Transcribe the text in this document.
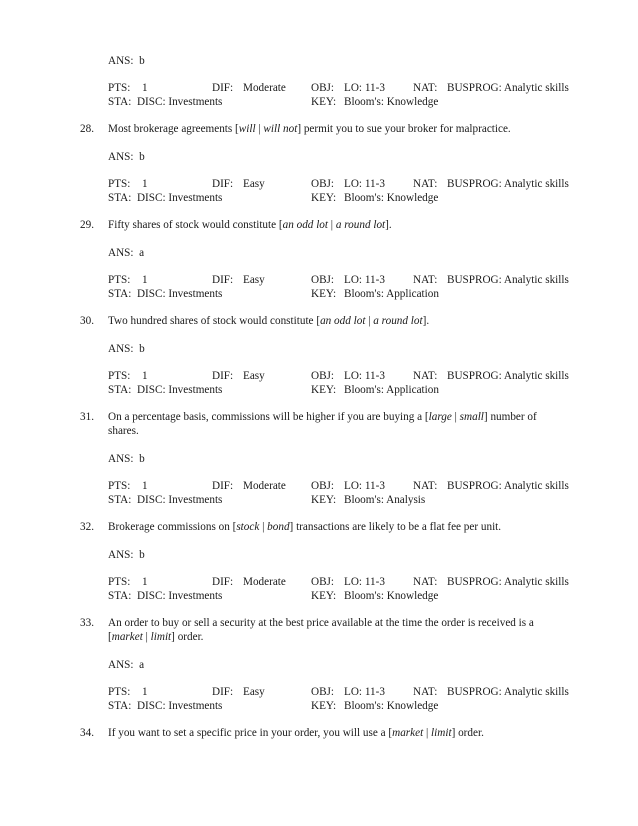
ANS: b
PTS: 1	DIF: Moderate OBJ: LO: 11-3	NAT: BUSPROG: Analytic skills
STA: DISC: Investments	KEY: Bloom's: Knowledge
28. Most brokerage agreements [will | will not] permit you to sue your broker for malpractice.
ANS: b
PTS: 1	DIF: Easy	OBJ: LO: 11-3	NAT: BUSPROG: Analytic skills
STA: DISC: Investments	KEY: Bloom's: Knowledge
29. Fifty shares of stock would constitute [an odd lot | a round lot].
ANS: a
PTS: 1	DIF: Easy	OBJ: LO: 11-3	NAT: BUSPROG: Analytic skills
STA: DISC: Investments	KEY: Bloom's: Application
30. Two hundred shares of stock would constitute [an odd lot | a round lot].
ANS: b
PTS: 1	DIF: Easy	OBJ: LO: 11-3	NAT: BUSPROG: Analytic skills
STA: DISC: Investments	KEY: Bloom's: Application
31. On a percentage basis, commissions will be higher if you are buying a [large | small] number of
shares.
ANS: b
PTS: 1	DIF: Moderate OBJ: LO: 11-3	NAT: BUSPROG: Analytic skills
STA: DISC: Investments	KEY: Bloom's: Analysis
32. Brokerage commissions on [stock | bond] transactions are likely to be a flat fee per unit.
ANS: b
PTS: 1	DIF: Moderate OBJ: LO: 11-3	NAT: BUSPROG: Analytic skills
STA: DISC: Investments	KEY: Bloom's: Knowledge
33. An order to buy or sell a security at the best price available at the time the order is received is a
[market | limit] order.
ANS: a
PTS: 1	DIF: Easy	OBJ: LO: 11-3	NAT: BUSPROG: Analytic skills
STA: DISC: Investments	KEY: Bloom's: Knowledge
34. If you want to set a specific price in your order, you will use a [market | limit] order.
